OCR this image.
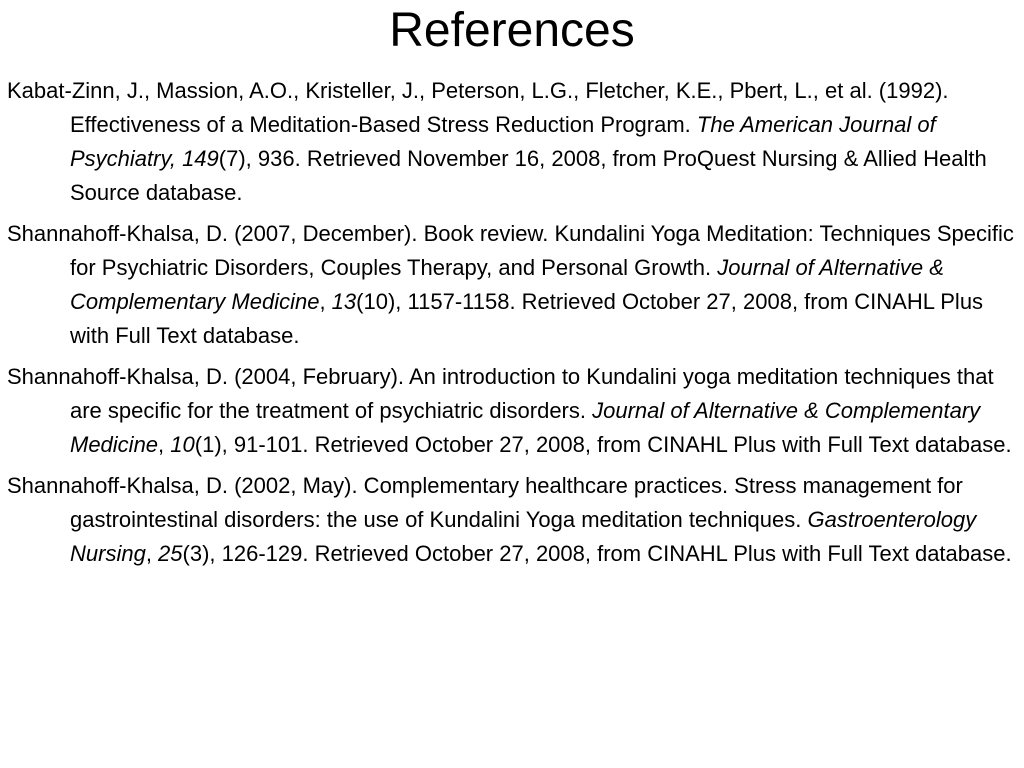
References

Kabat-Zinn, J., Massion, A.O., Kristeller, J., Peterson, L.G., Fletcher, K.E., Pbert, L., et al. (1992). Effectiveness of a Meditation-Based Stress Reduction Program. The American Journal of Psychiatry, 149(7), 936. Retrieved November 16, 2008, from ProQuest Nursing & Allied Health Source database.

Shannahoff-Khalsa, D. (2007, December). Book review. Kundalini Yoga Meditation: Techniques Specific for Psychiatric Disorders, Couples Therapy, and Personal Growth. Journal of Alternative & Complementary Medicine, 13(10), 1157-1158. Retrieved October 27, 2008, from CINAHL Plus with Full Text database.

Shannahoff-Khalsa, D. (2004, February). An introduction to Kundalini yoga meditation techniques that are specific for the treatment of psychiatric disorders. Journal of Alternative & Complementary Medicine, 10(1), 91-101. Retrieved October 27, 2008, from CINAHL Plus with Full Text database.

Shannahoff-Khalsa, D. (2002, May). Complementary healthcare practices. Stress management for gastrointestinal disorders: the use of Kundalini Yoga meditation techniques. Gastroenterology Nursing, 25(3), 126-129. Retrieved October 27, 2008, from CINAHL Plus with Full Text database.
